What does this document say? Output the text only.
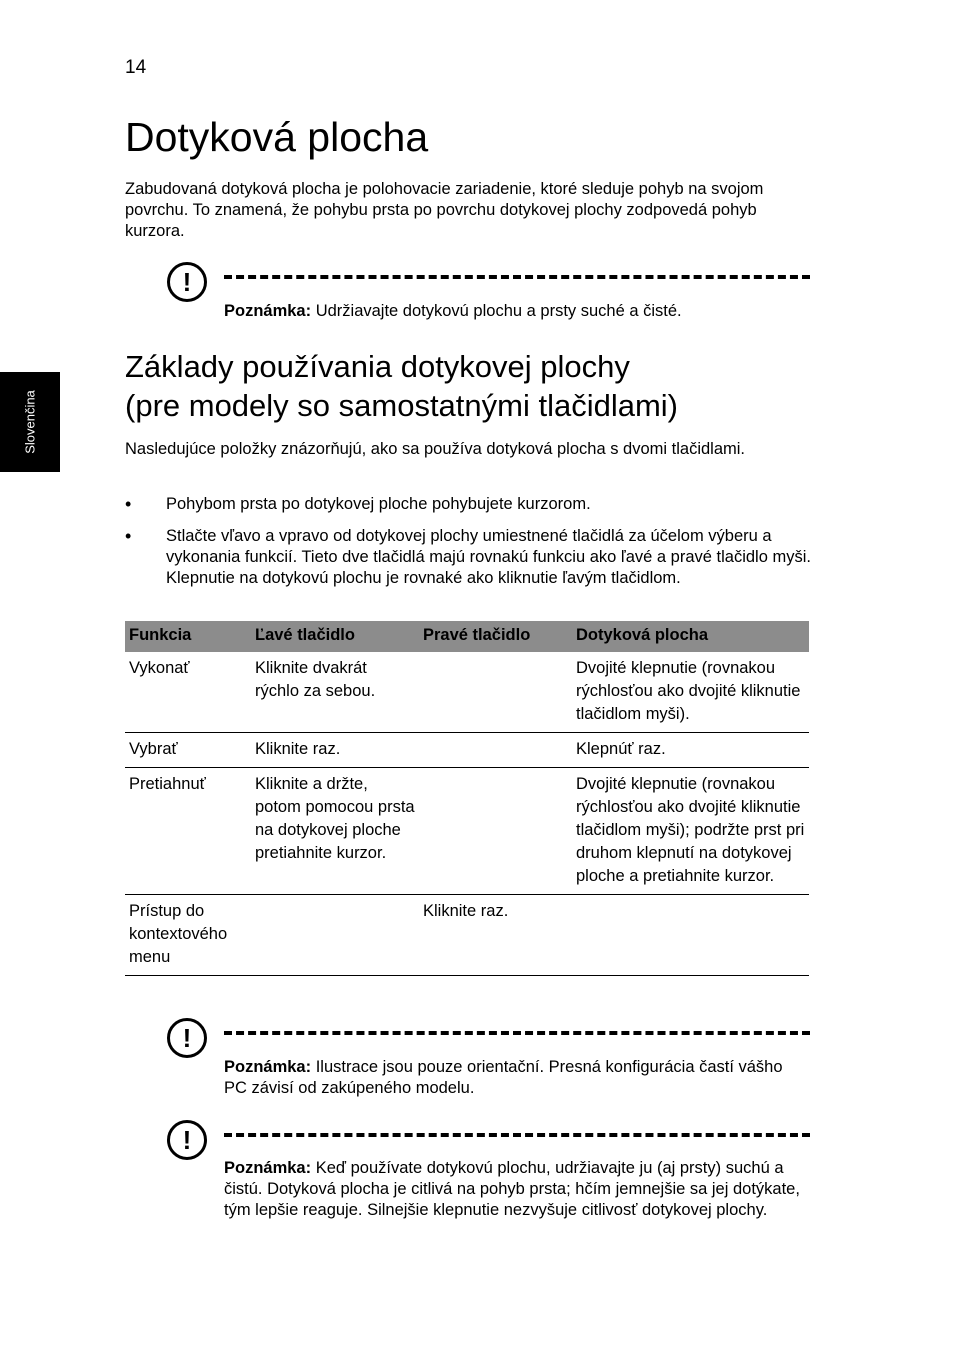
14
Slovenčina
Dotyková plocha

Zabudovaná dotyková plocha je polohovacie zariadenie, ktoré sleduje pohyb na svojom povrchu. To znamená, že pohybu prsta po povrchu dotykovej plochy zodpovedá pohyb kurzora.

!
Poznámka: Udržiavajte dotykovú plochu a prsty suché a čisté.
Základy používania dotykovej plochy
(pre modely so samostatnými tlačidlami)

Nasledujúce položky znázorňujú, ako sa používa dotyková plocha s dvomi tlačidlami.

• Pohybom prsta po dotykovej ploche pohybujete kurzorom.
• Stlačte vľavo a vpravo od dotykovej plochy umiestnené tlačidlá za účelom výberu a vykonania funkcií. Tieto dve tlačidlá majú rovnakú funkciu ako ľavé a pravé tlačidlo myši. Klepnutie na dotykovú plochu je rovnaké ako kliknutie ľavým tlačidlom.
Funkcia	Ľavé tlačidlo	Pravé tlačidlo	Dotyková plocha
Vykonať	Kliknite dvakrát rýchlo za sebou.		Dvojité klepnutie (rovnakou rýchlosťou ako dvojité kliknutie tlačidlom myši).
Vybrať	Kliknite raz.		Klepnúť raz.
Pretiahnuť	Kliknite a držte, potom pomocou prsta na dotykovej ploche pretiahnite kurzor.		Dvojité klepnutie (rovnakou rýchlosťou ako dvojité kliknutie tlačidlom myši); podržte prst pri druhom klepnutí na dotykovej ploche a pretiahnite kurzor.
Prístup do kontextového menu		Kliknite raz.	
!
Poznámka: Ilustrace jsou pouze orientační. Presná konfigurácia častí vášho PC závisí od zakúpeného modelu.
!
Poznámka: Keď používate dotykovú plochu, udržiavajte ju (aj prsty) suchú a čistú. Dotyková plocha je citlivá na pohyb prsta; hčím jemnejšie sa jej dotýkate, tým lepšie reaguje. Silnejšie klepnutie nezvyšuje citlivosť dotykovej plochy.
